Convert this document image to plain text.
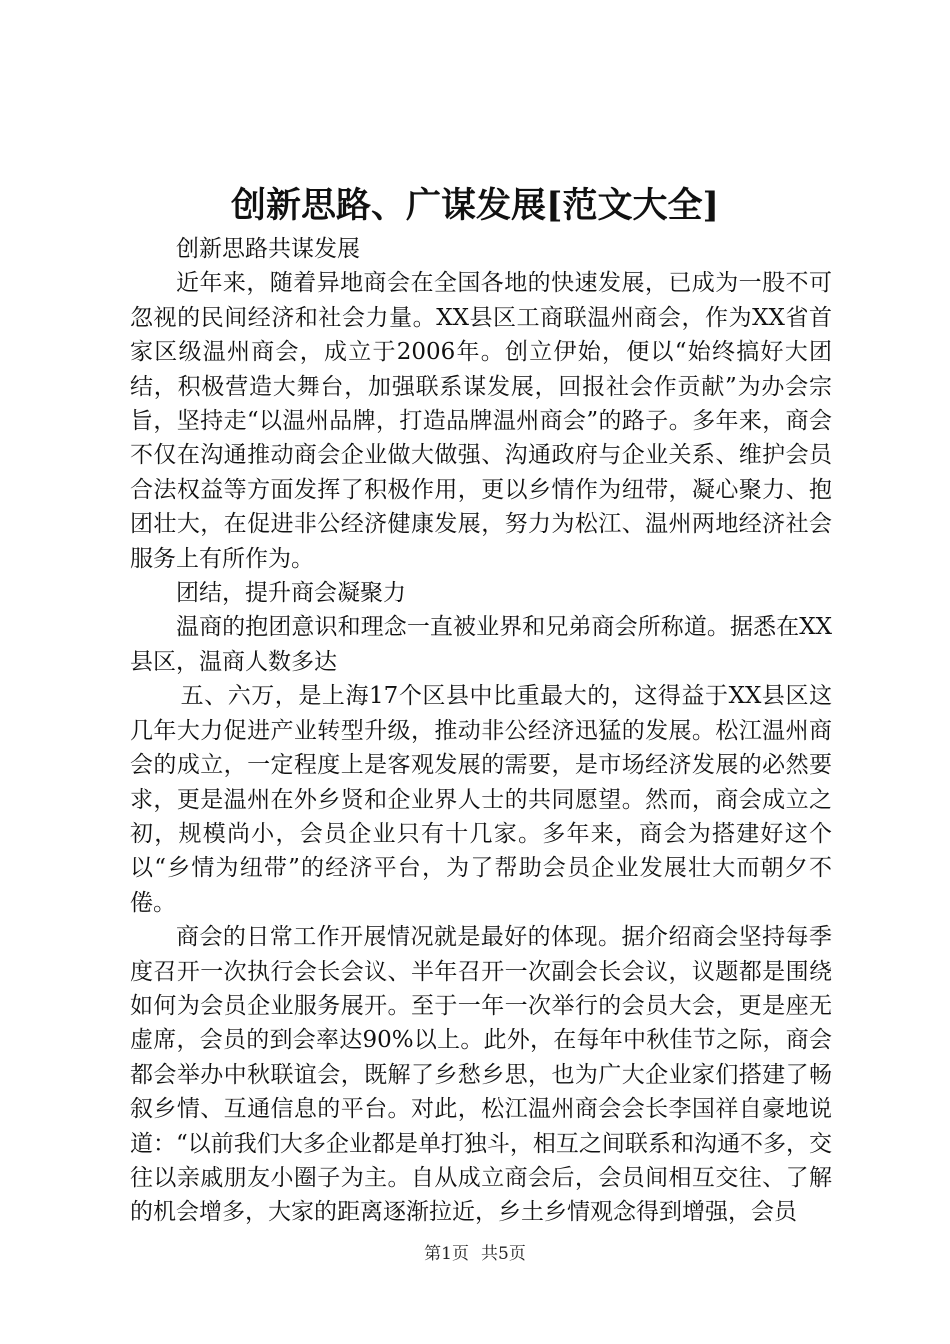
创新思路、广谋发展[范文大全]

创新思路共谋发展

近年来，随着异地商会在全国各地的快速发展，已成为一股不可忽视的民间经济和社会力量。XX县区工商联温州商会，作为XX省首家区级温州商会，成立于2006年。创立伊始，便以“始终搞好大团结，积极营造大舞台，加强联系谋发展，回报社会作贡献”为办会宗旨，坚持走“以温州品牌，打造品牌温州商会”的路子。多年来，商会不仅在沟通推动商会企业做大做强、沟通政府与企业关系、维护会员合法权益等方面发挥了积极作用，更以乡情作为纽带，凝心聚力、抱团壮大，在促进非公经济健康发展，努力为松江、温州两地经济社会服务上有所作为。

团结，提升商会凝聚力

温商的抱团意识和理念一直被业界和兄弟商会所称道。据悉在XX县区，温商人数多达

五、六万，是上海17个区县中比重最大的，这得益于XX县区这几年大力促进产业转型升级，推动非公经济迅猛的发展。松江温州商会的成立，一定程度上是客观发展的需要，是市场经济发展的必然要求，更是温州在外乡贤和企业界人士的共同愿望。然而，商会成立之初，规模尚小，会员企业只有十几家。多年来，商会为搭建好这个以“乡情为纽带”的经济平台，为了帮助会员企业发展壮大而朝夕不倦。

商会的日常工作开展情况就是最好的体现。据介绍商会坚持每季度召开一次执行会长会议、半年召开一次副会长会议，议题都是围绕如何为会员企业服务展开。至于一年一次举行的会员大会，更是座无虚席，会员的到会率达90%以上。此外，在每年中秋佳节之际，商会都会举办中秋联谊会，既解了乡愁乡思，也为广大企业家们搭建了畅叙乡情、互通信息的平台。对此，松江温州商会会长李国祥自豪地说道：“以前我们大多企业都是单打独斗，相互之间联系和沟通不多，交往以亲戚朋友小圈子为主。自从成立商会后，会员间相互交往、了解的机会增多，大家的距离逐渐拉近，乡土乡情观念得到增强，会员

第1页 共5页
